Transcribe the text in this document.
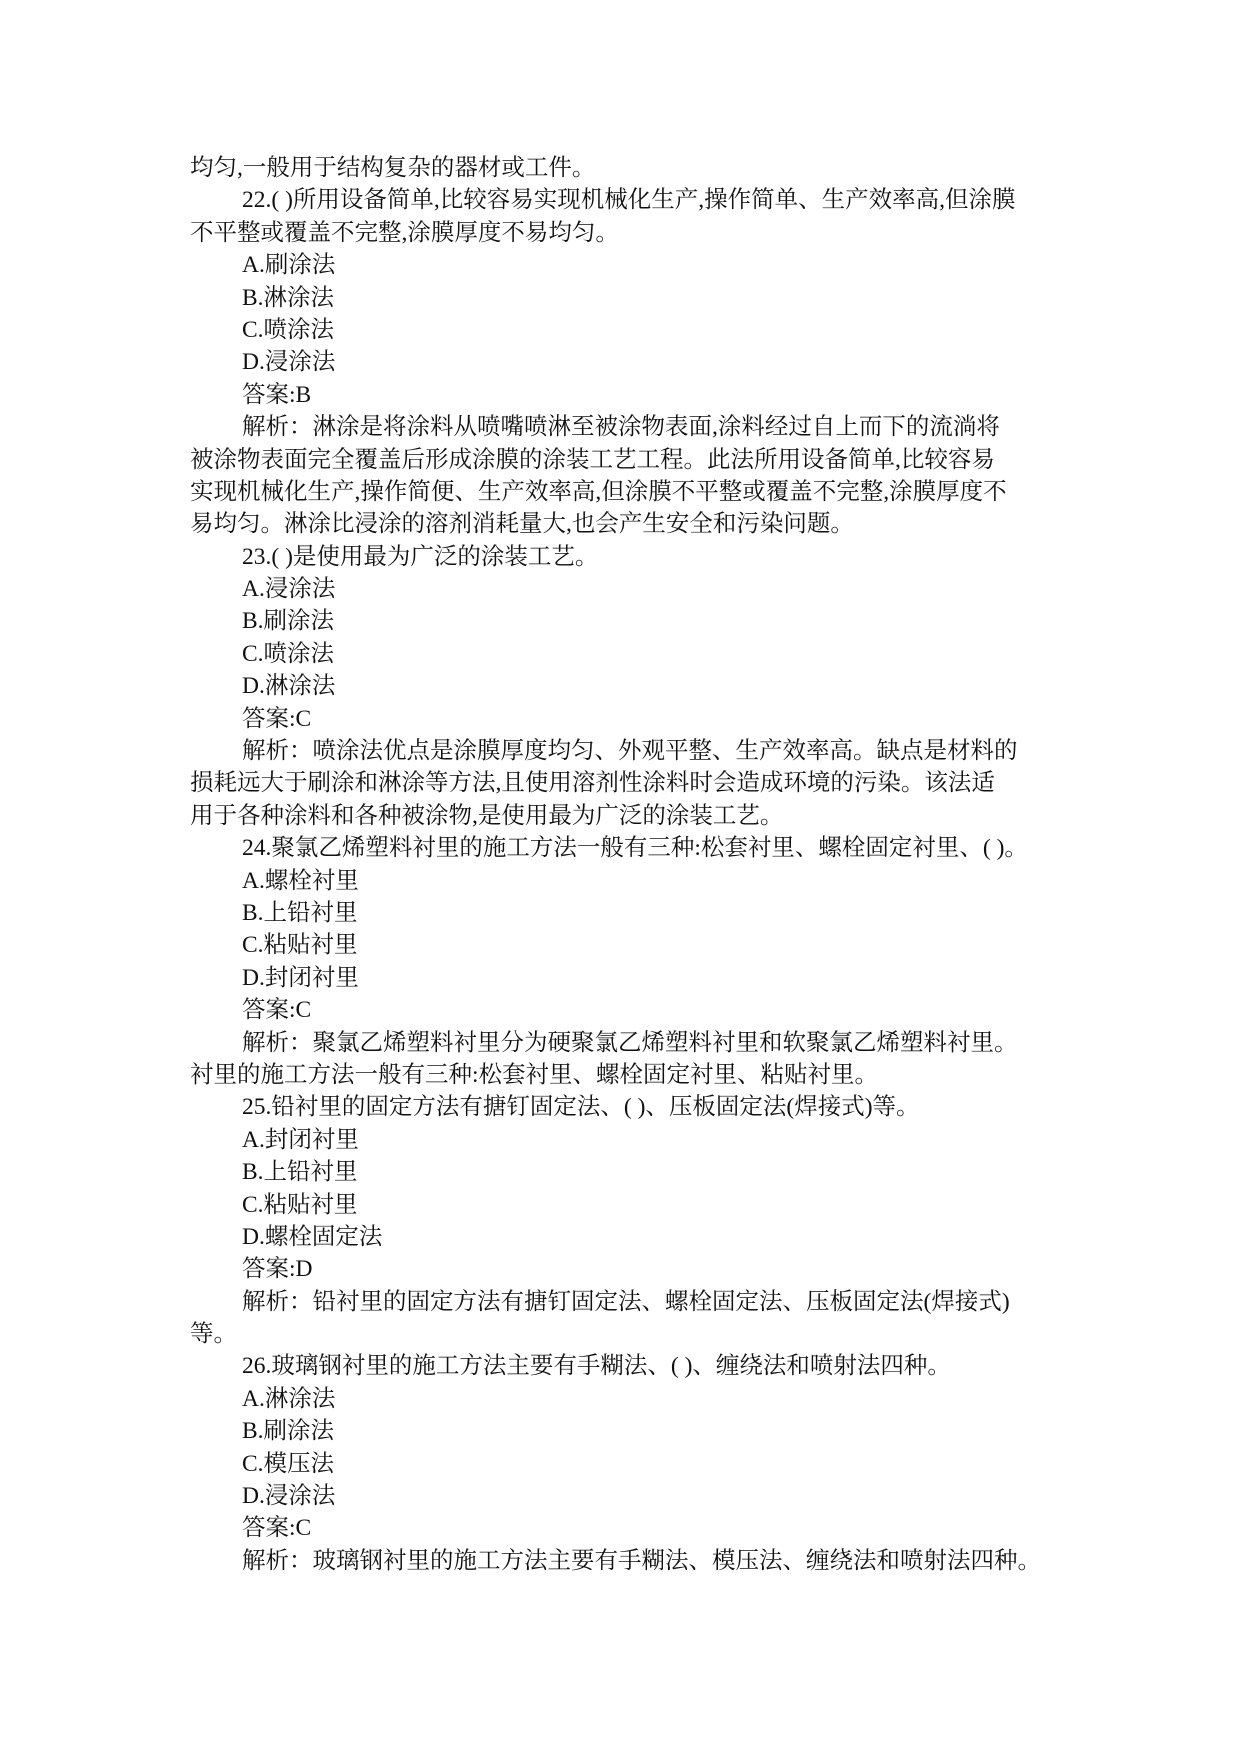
均匀,一般用于结构复杂的器材或工件。
22.( )所用设备简单,比较容易实现机械化生产,操作简单、生产效率高,但涂膜
不平整或覆盖不完整,涂膜厚度不易均匀。
A.刷涂法
B.淋涂法
C.喷涂法
D.浸涂法
答案:B
解析：淋涂是将涂料从喷嘴喷淋至被涂物表面,涂料经过自上而下的流淌将
被涂物表面完全覆盖后形成涂膜的涂装工艺工程。此法所用设备简单,比较容易
实现机械化生产,操作简便、生产效率高,但涂膜不平整或覆盖不完整,涂膜厚度不
易均匀。淋涂比浸涂的溶剂消耗量大,也会产生安全和污染问题。
23.( )是使用最为广泛的涂装工艺。
A.浸涂法
B.刷涂法
C.喷涂法
D.淋涂法
答案:C
解析：喷涂法优点是涂膜厚度均匀、外观平整、生产效率高。缺点是材料的
损耗远大于刷涂和淋涂等方法,且使用溶剂性涂料时会造成环境的污染。该法适
用于各种涂料和各种被涂物,是使用最为广泛的涂装工艺。
24.聚氯乙烯塑料衬里的施工方法一般有三种:松套衬里、螺栓固定衬里、( )。
A.螺栓衬里
B.上铅衬里
C.粘贴衬里
D.封闭衬里
答案:C
解析：聚氯乙烯塑料衬里分为硬聚氯乙烯塑料衬里和软聚氯乙烯塑料衬里。
衬里的施工方法一般有三种:松套衬里、螺栓固定衬里、粘贴衬里。
25.铅衬里的固定方法有搪钉固定法、( )、压板固定法(焊接式)等。
A.封闭衬里
B.上铅衬里
C.粘贴衬里
D.螺栓固定法
答案:D
解析：铅衬里的固定方法有搪钉固定法、螺栓固定法、压板固定法(焊接式)
等。
26.玻璃钢衬里的施工方法主要有手糊法、( )、缠绕法和喷射法四种。
A.淋涂法
B.刷涂法
C.模压法
D.浸涂法
答案:C
解析：玻璃钢衬里的施工方法主要有手糊法、模压法、缠绕法和喷射法四种。
